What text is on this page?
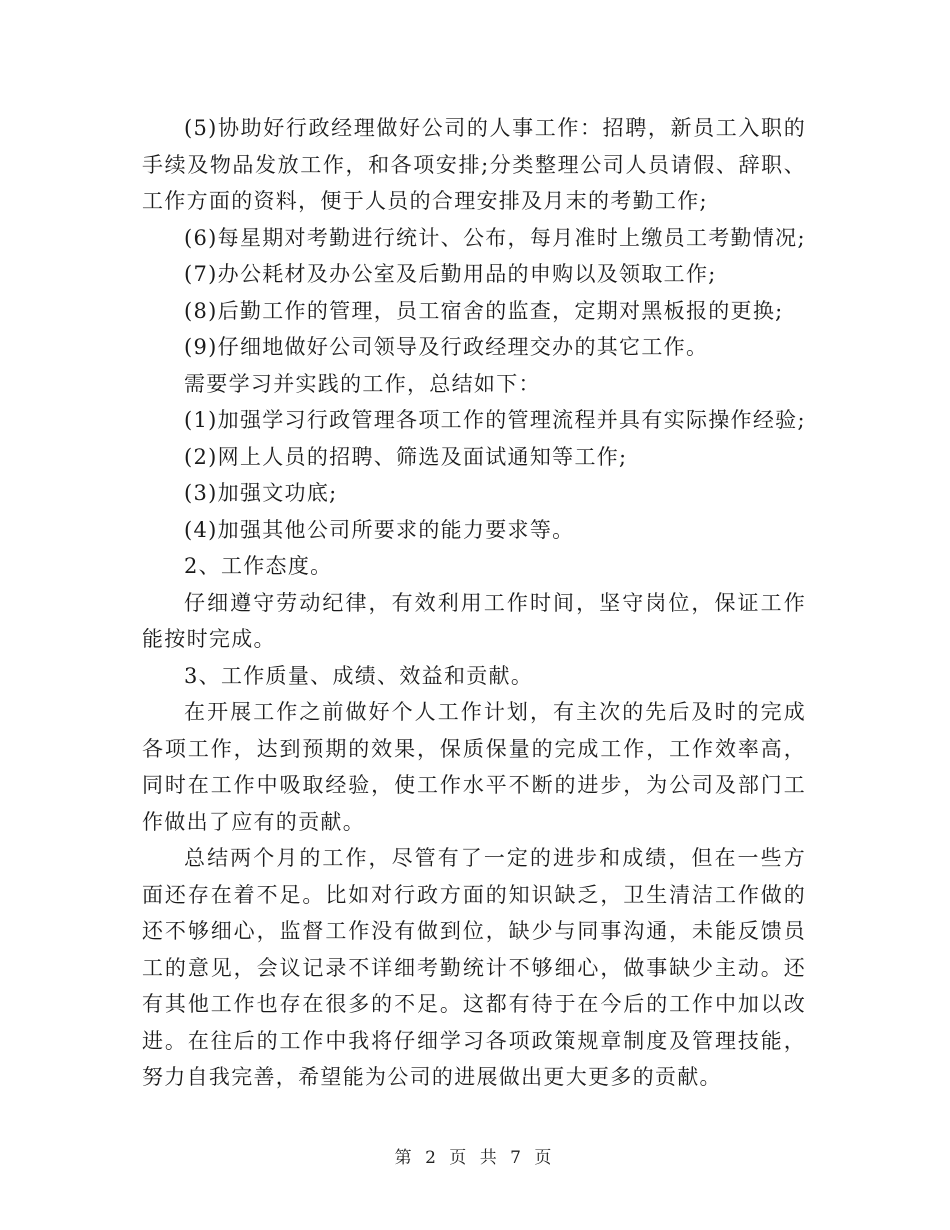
(5)协助好行政经理做好公司的人事工作：招聘，新员工入职的手续及物品发放工作，和各项安排;分类整理公司人员请假、辞职、工作方面的资料，便于人员的合理安排及月末的考勤工作;

(6)每星期对考勤进行统计、公布，每月准时上缴员工考勤情况;

(7)办公耗材及办公室及后勤用品的申购以及领取工作;

(8)后勤工作的管理，员工宿舍的监查，定期对黑板报的更换;

(9)仔细地做好公司领导及行政经理交办的其它工作。

需要学习并实践的工作，总结如下：

(1)加强学习行政管理各项工作的管理流程并具有实际操作经验;

(2)网上人员的招聘、筛选及面试通知等工作;

(3)加强文功底;

(4)加强其他公司所要求的能力要求等。

2、工作态度。

仔细遵守劳动纪律，有效利用工作时间，坚守岗位，保证工作能按时完成。

3、工作质量、成绩、效益和贡献。

在开展工作之前做好个人工作计划，有主次的先后及时的完成各项工作，达到预期的效果，保质保量的完成工作，工作效率高，同时在工作中吸取经验，使工作水平不断的进步，为公司及部门工作做出了应有的贡献。

总结两个月的工作，尽管有了一定的进步和成绩，但在一些方面还存在着不足。比如对行政方面的知识缺乏，卫生清洁工作做的还不够细心，监督工作没有做到位，缺少与同事沟通，未能反馈员工的意见，会议记录不详细考勤统计不够细心，做事缺少主动。还有其他工作也存在很多的不足。这都有待于在今后的工作中加以改进。在往后的工作中我将仔细学习各项政策规章制度及管理技能，努力自我完善，希望能为公司的进展做出更大更多的贡献。

第 2 页 共 7 页
